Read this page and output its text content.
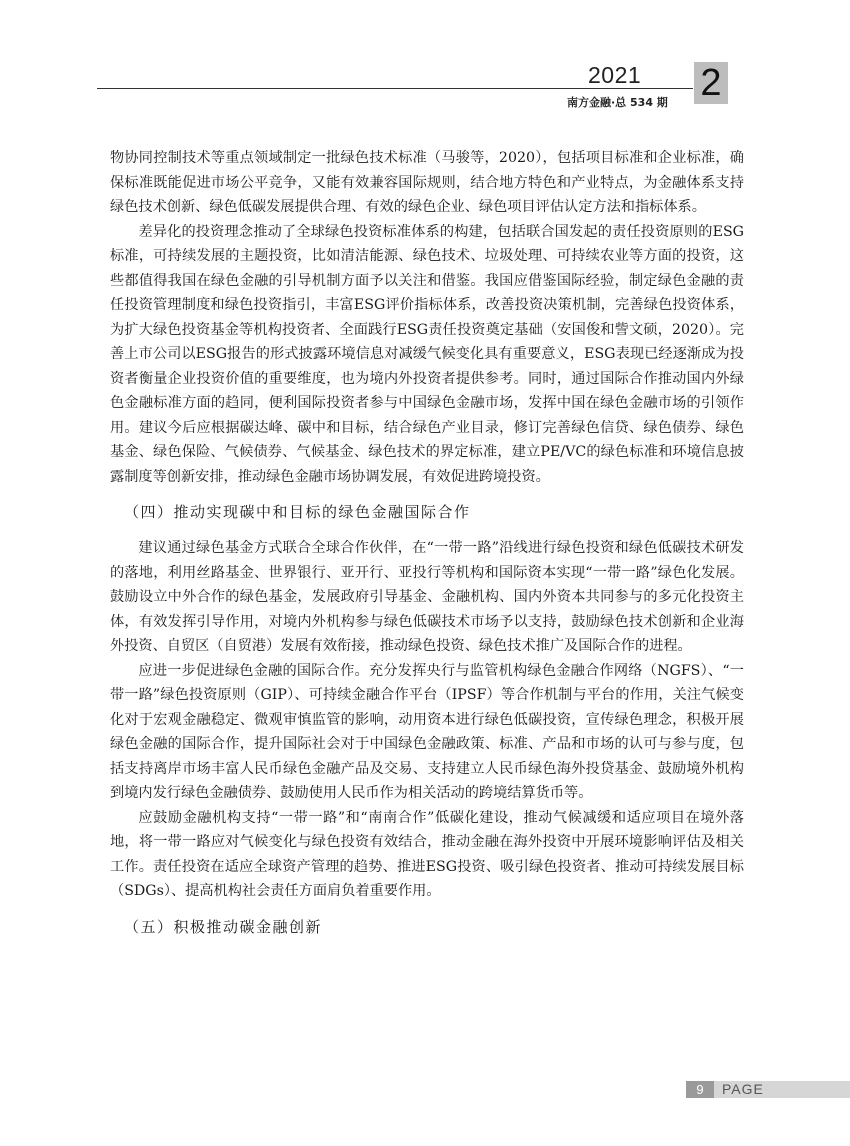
2021 2
南方金融·总 534 期

物协同控制技术等重点领域制定一批绿色技术标准（马骏等，2020），包括项目标准和企业标准，确保标准既能促进市场公平竞争，又能有效兼容国际规则，结合地方特色和产业特点，为金融体系支持绿色技术创新、绿色低碳发展提供合理、有效的绿色企业、绿色项目评估认定方法和指标体系。

差异化的投资理念推动了全球绿色投资标准体系的构建，包括联合国发起的责任投资原则的ESG标准，可持续发展的主题投资，比如清洁能源、绿色技术、垃圾处理、可持续农业等方面的投资，这些都值得我国在绿色金融的引导机制方面予以关注和借鉴。我国应借鉴国际经验，制定绿色金融的责任投资管理制度和绿色投资指引，丰富ESG评价指标体系，改善投资决策机制，完善绿色投资体系，为扩大绿色投资基金等机构投资者、全面践行ESG责任投资奠定基础（安国俊和訾文硕，2020）。完善上市公司以ESG报告的形式披露环境信息对减缓气候变化具有重要意义，ESG表现已经逐渐成为投资者衡量企业投资价值的重要维度，也为境内外投资者提供参考。同时，通过国际合作推动国内外绿色金融标准方面的趋同，便利国际投资者参与中国绿色金融市场，发挥中国在绿色金融市场的引领作用。建议今后应根据碳达峰、碳中和目标，结合绿色产业目录，修订完善绿色信贷、绿色债券、绿色基金、绿色保险、气候债券、气候基金、绿色技术的界定标准，建立PE/VC的绿色标准和环境信息披露制度等创新安排，推动绿色金融市场协调发展，有效促进跨境投资。

（四）推动实现碳中和目标的绿色金融国际合作

建议通过绿色基金方式联合全球合作伙伴，在“一带一路”沿线进行绿色投资和绿色低碳技术研发的落地，利用丝路基金、世界银行、亚开行、亚投行等机构和国际资本实现“一带一路”绿色化发展。鼓励设立中外合作的绿色基金，发展政府引导基金、金融机构、国内外资本共同参与的多元化投资主体，有效发挥引导作用，对境内外机构参与绿色低碳技术市场予以支持，鼓励绿色技术创新和企业海外投资、自贸区（自贸港）发展有效衔接，推动绿色投资、绿色技术推广及国际合作的进程。

应进一步促进绿色金融的国际合作。充分发挥央行与监管机构绿色金融合作网络（NGFS）、“一带一路”绿色投资原则（GIP）、可持续金融合作平台（IPSF）等合作机制与平台的作用，关注气候变化对于宏观金融稳定、微观审慎监管的影响，动用资本进行绿色低碳投资，宣传绿色理念，积极开展绿色金融的国际合作，提升国际社会对于中国绿色金融政策、标准、产品和市场的认可与参与度，包括支持离岸市场丰富人民币绿色金融产品及交易、支持建立人民币绿色海外投贷基金、鼓励境外机构到境内发行绿色金融债券、鼓励使用人民币作为相关活动的跨境结算货币等。

应鼓励金融机构支持“一带一路”和“南南合作”低碳化建设，推动气候减缓和适应项目在境外落地，将一带一路应对气候变化与绿色投资有效结合，推动金融在海外投资中开展环境影响评估及相关工作。责任投资在适应全球资产管理的趋势、推进ESG投资、吸引绿色投资者、推动可持续发展目标（SDGs）、提高机构社会责任方面肩负着重要作用。

（五）积极推动碳金融创新
9	PAGE
